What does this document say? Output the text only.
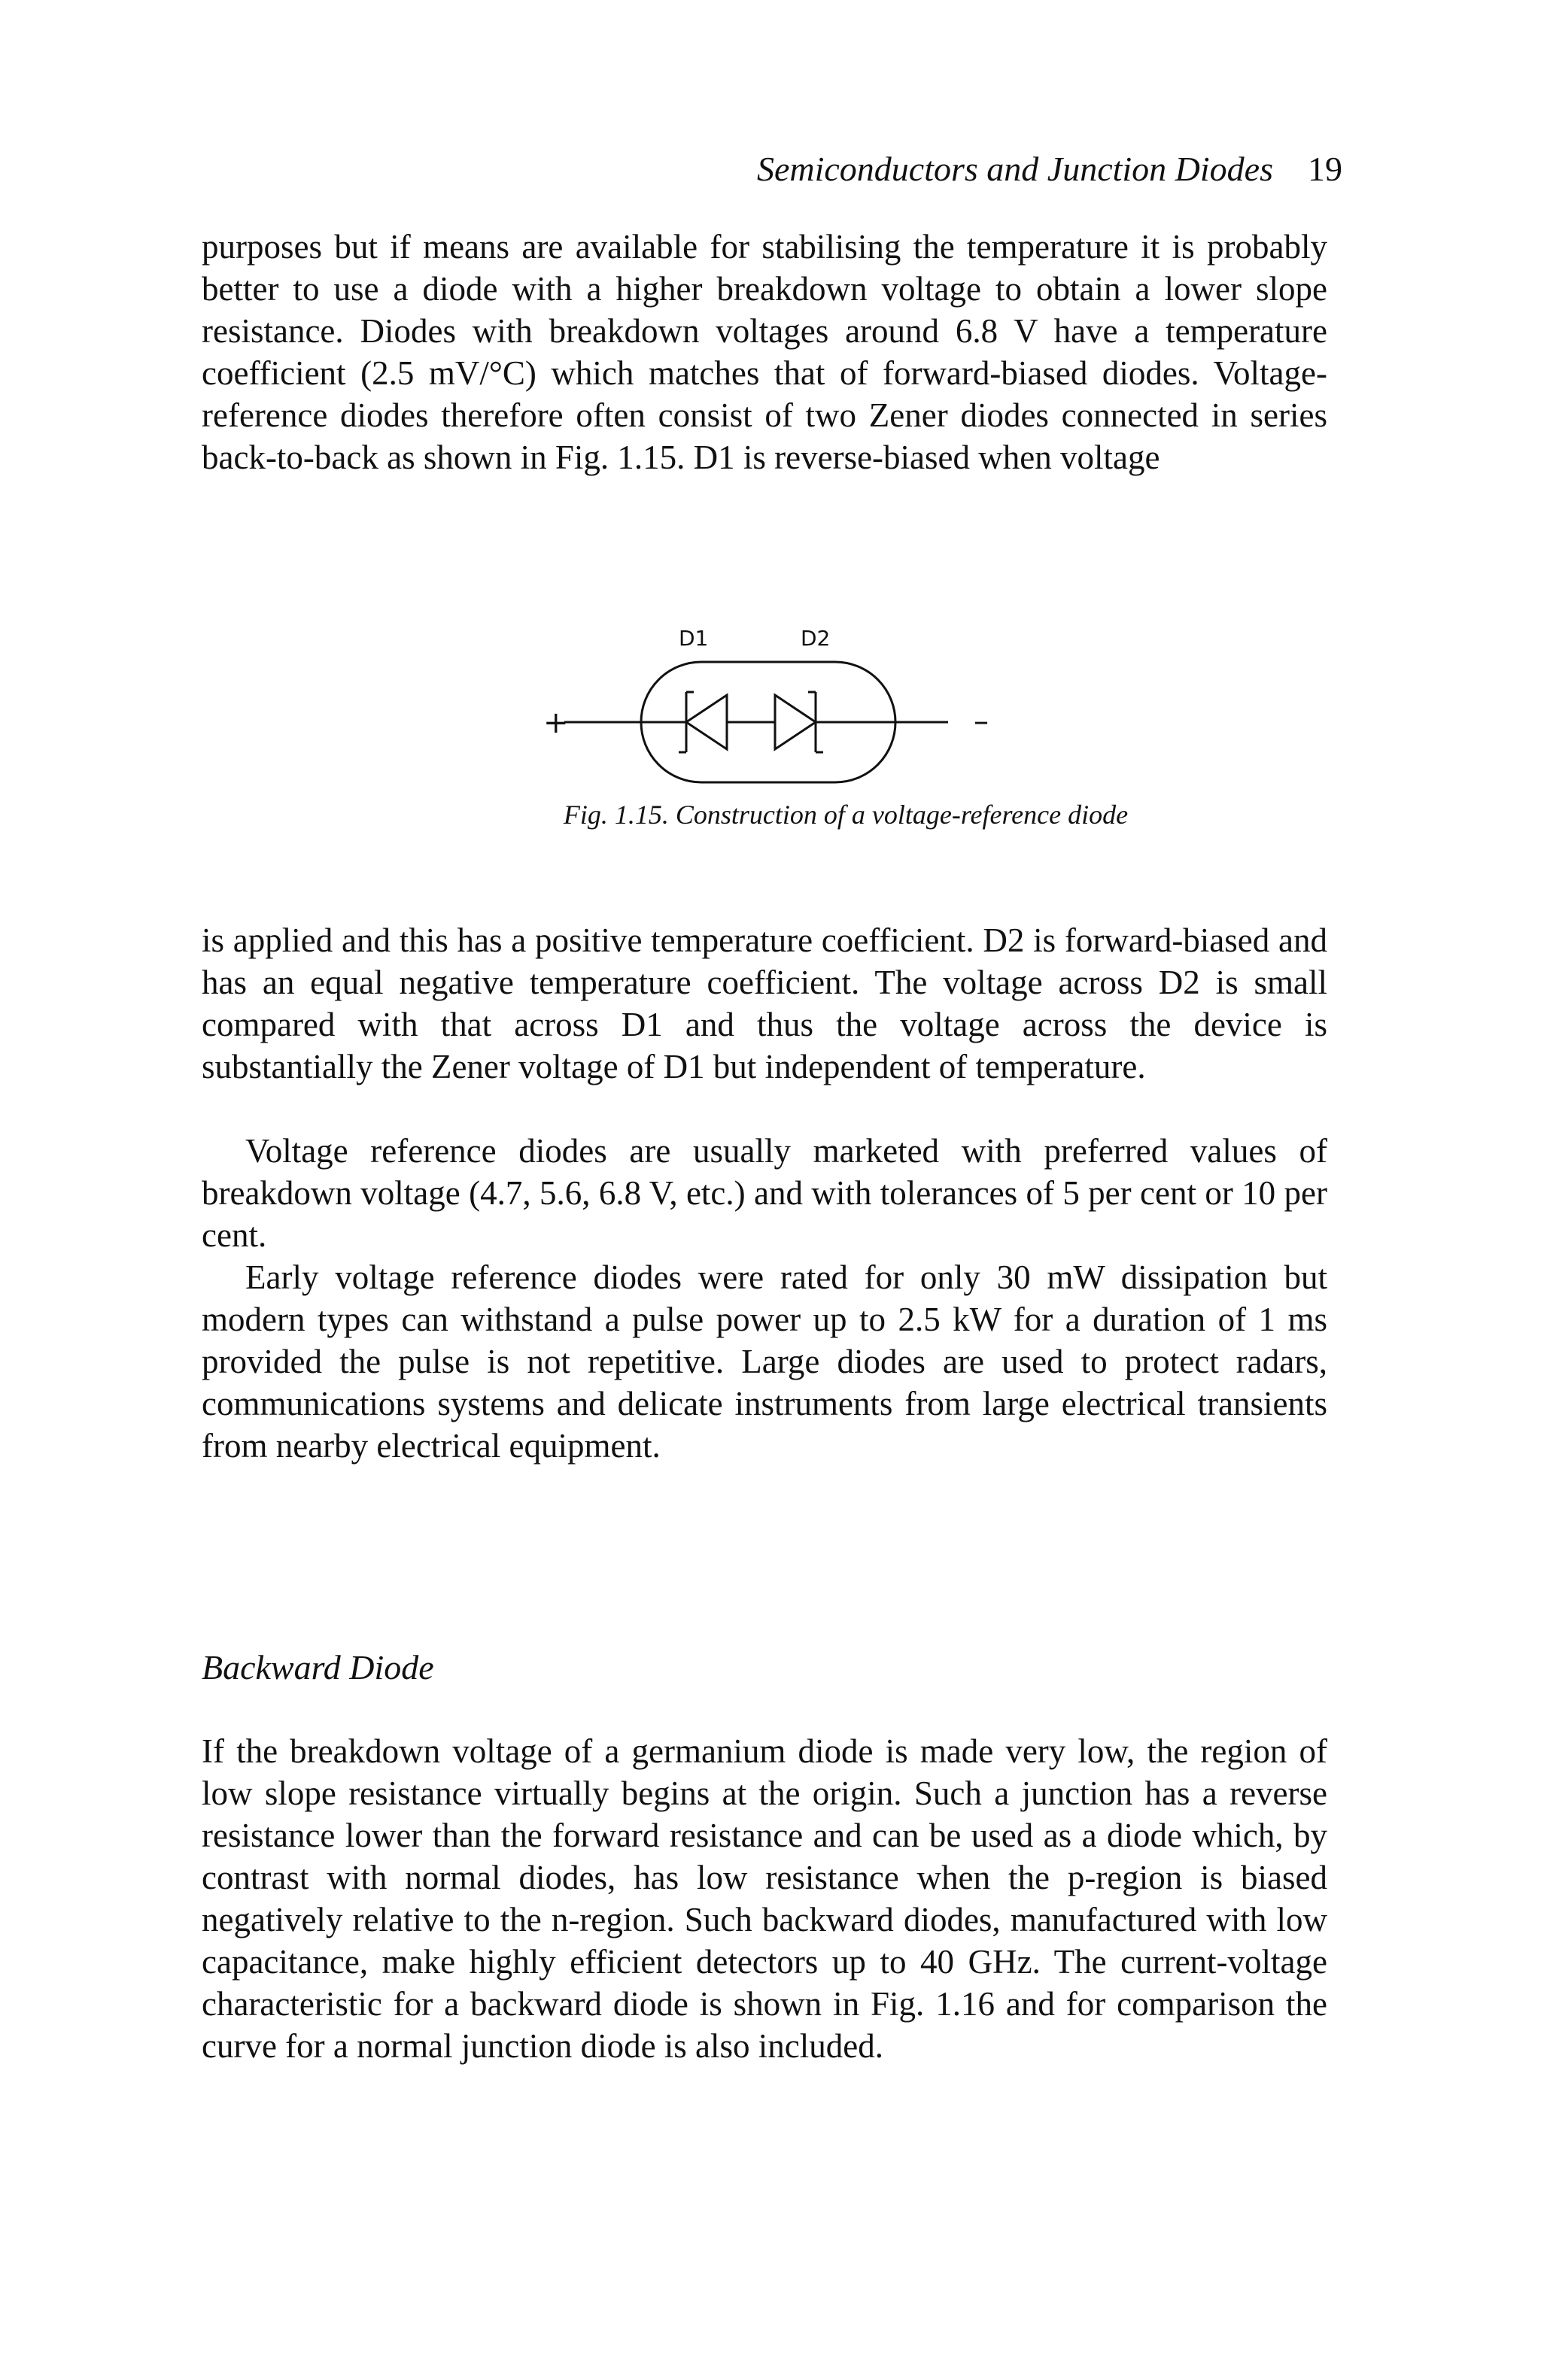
Semiconductors and Junction Diodes 19

purposes but if means are available for stabilising the temperature it is probably better to use a diode with a higher breakdown voltage to obtain a lower slope resistance. Diodes with breakdown voltages around 6.8 V have a temperature coefficient (2.5 mV/°C) which matches that of forward-biased diodes. Voltage-reference diodes therefore often consist of two Zener diodes connected in series back-to-back as shown in Fig. 1.15. D1 is reverse-biased when voltage

D1	D2
+	–
Fig. 1.15. Construction of a voltage-reference diode

is applied and this has a positive temperature coefficient. D2 is forward-biased and has an equal negative temperature coefficient. The voltage across D2 is small compared with that across D1 and thus the voltage across the device is substantially the Zener voltage of D1 but independent of temperature.

Voltage reference diodes are usually marketed with preferred values of breakdown voltage (4.7, 5.6, 6.8 V, etc.) and with tolerances of 5 per cent or 10 per cent.

Early voltage reference diodes were rated for only 30 mW dissipation but modern types can withstand a pulse power up to 2.5 kW for a duration of 1 ms provided the pulse is not repetitive. Large diodes are used to protect radars, communications systems and delicate instruments from large electrical transients from nearby electrical equipment.

Backward Diode

If the breakdown voltage of a germanium diode is made very low, the region of low slope resistance virtually begins at the origin. Such a junction has a reverse resistance lower than the forward resistance and can be used as a diode which, by contrast with normal diodes, has low resistance when the p-region is biased negatively relative to the n-region. Such backward diodes, manufactured with low capacitance, make highly efficient detectors up to 40 GHz. The current-voltage characteristic for a backward diode is shown in Fig. 1.16 and for comparison the curve for a normal junction diode is also included.
